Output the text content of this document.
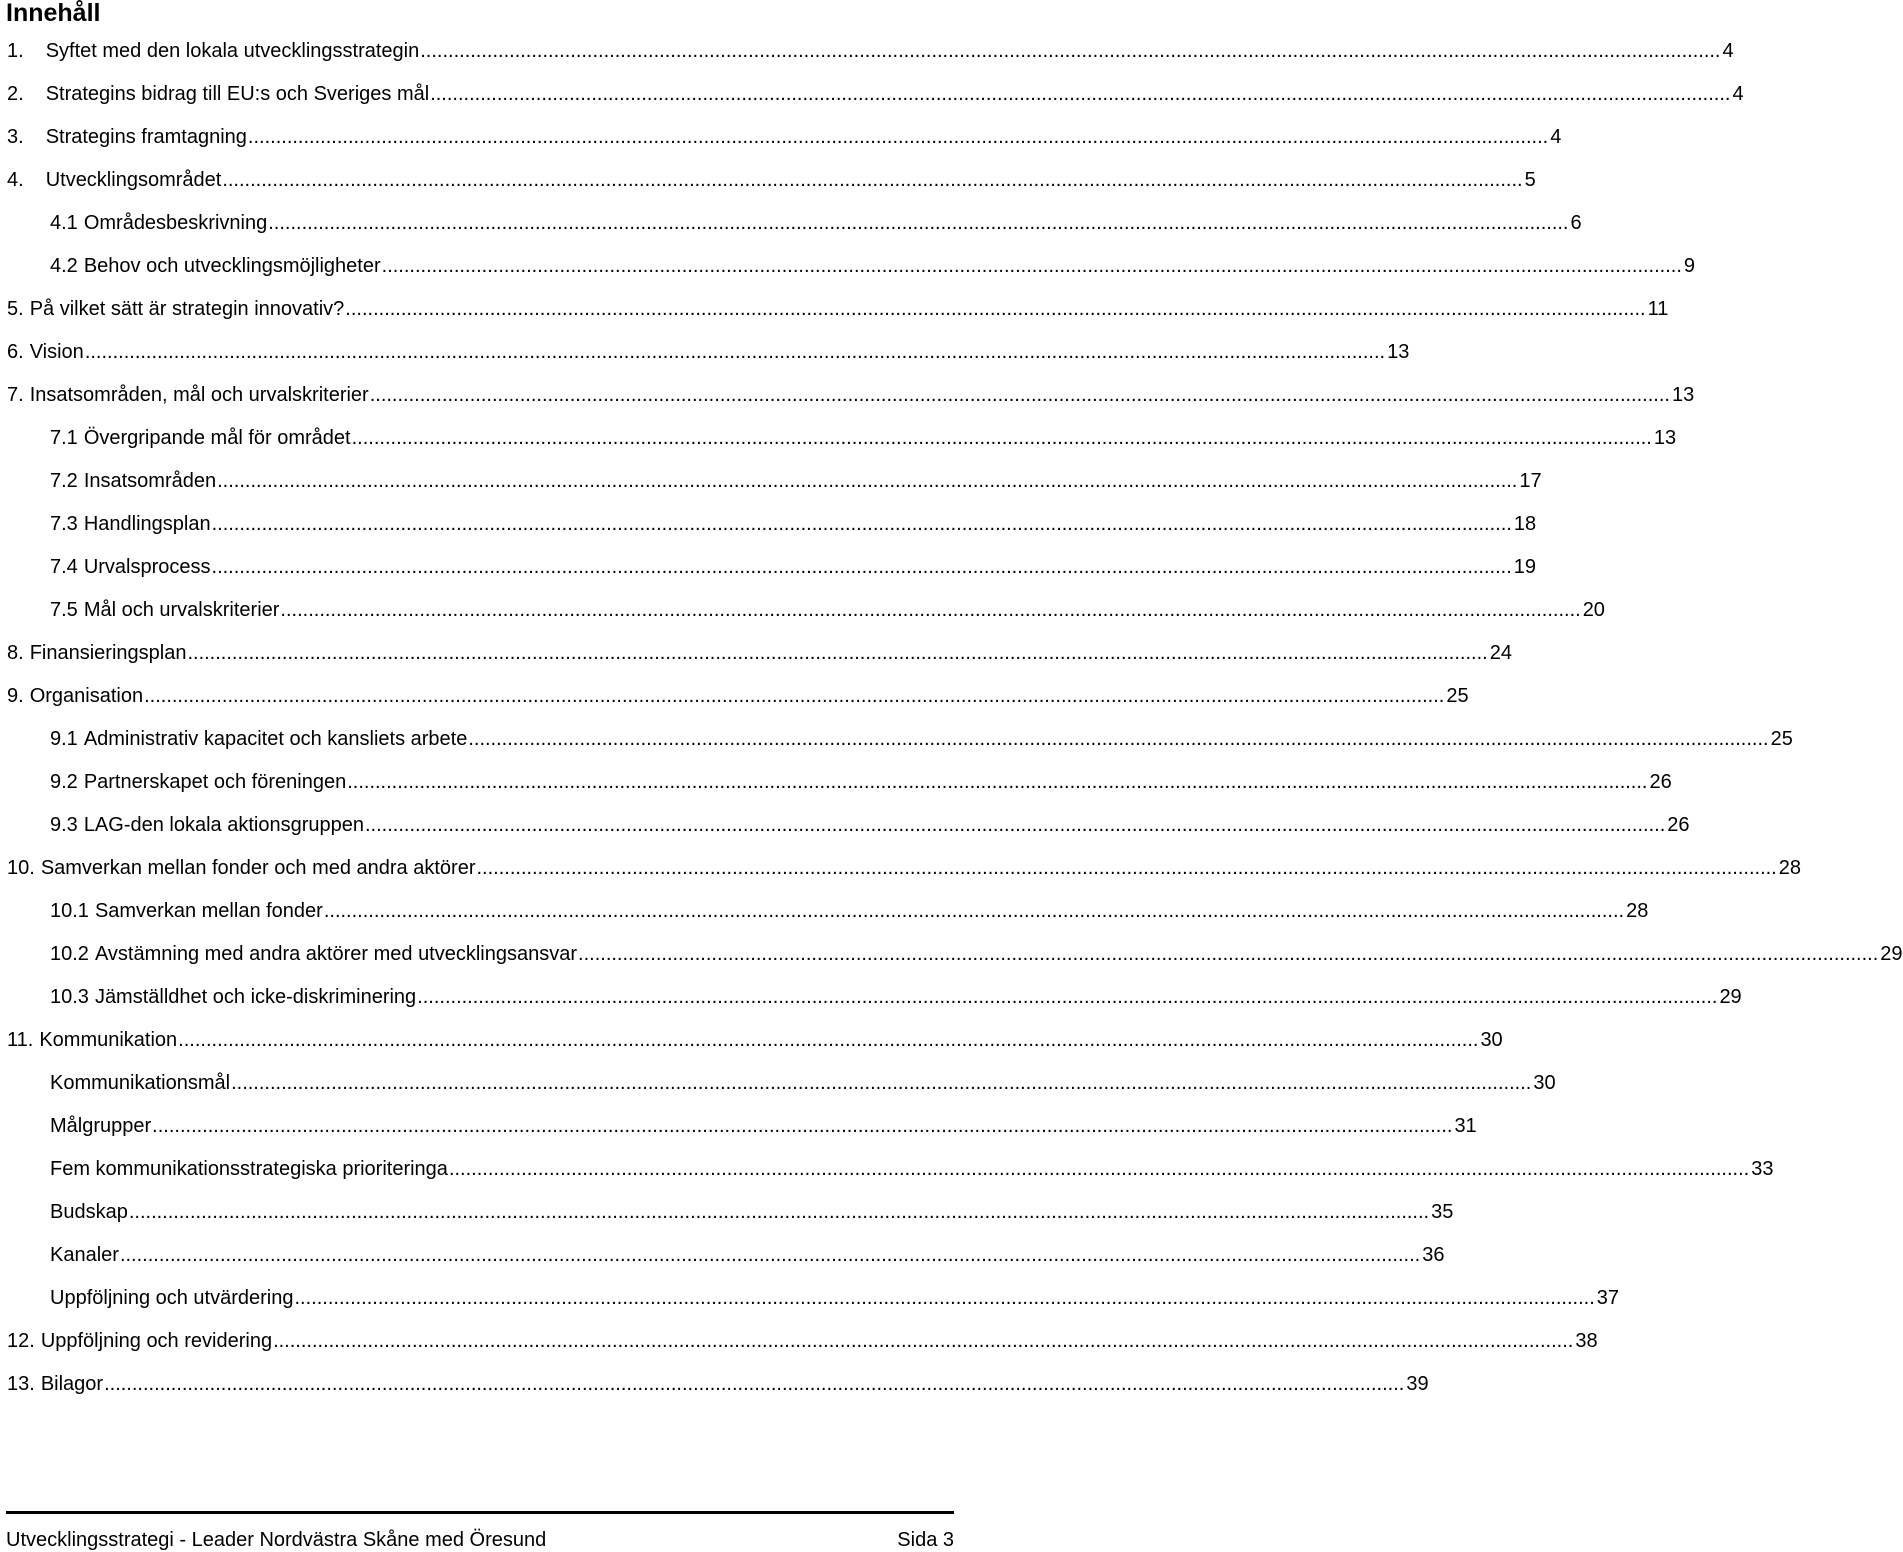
Innehåll
1. Syftet med den lokala utvecklingsstrategin .......................................................................................................................................................................................................................................... 4
2. Strategins bidrag till EU:s och Sveriges mål .......................................................................................................................................................................................................................................... 4
3. Strategins framtagning .......................................................................................................................................................................................................................................... 4
4. Utvecklingsområdet .......................................................................................................................................................................................................................................... 5
4.1 Områdesbeskrivning .......................................................................................................................................................................................................................................... 6
4.2 Behov och utvecklingsmöjligheter .......................................................................................................................................................................................................................................... 9
5. På vilket sätt är strategin innovativ? .......................................................................................................................................................................................................................................... 11
6. Vision .......................................................................................................................................................................................................................................... 13
7. Insatsområden, mål och urvalskriterier .......................................................................................................................................................................................................................................... 13
7.1 Övergripande mål för området .......................................................................................................................................................................................................................................... 13
7.2 Insatsområden .......................................................................................................................................................................................................................................... 17
7.3 Handlingsplan .......................................................................................................................................................................................................................................... 18
7.4 Urvalsprocess .......................................................................................................................................................................................................................................... 19
7.5 Mål och urvalskriterier .......................................................................................................................................................................................................................................... 20
8. Finansieringsplan .......................................................................................................................................................................................................................................... 24
9. Organisation .......................................................................................................................................................................................................................................... 25
9.1 Administrativ kapacitet och kansliets arbete .......................................................................................................................................................................................................................................... 25
9.2 Partnerskapet och föreningen .......................................................................................................................................................................................................................................... 26
9.3 LAG-den lokala aktionsgruppen .......................................................................................................................................................................................................................................... 26
10. Samverkan mellan fonder och med andra aktörer .......................................................................................................................................................................................................................................... 28
10.1 Samverkan mellan fonder .......................................................................................................................................................................................................................................... 28
10.2 Avstämning med andra aktörer med utvecklingsansvar .......................................................................................................................................................................................................................................... 29
10.3 Jämställdhet och icke-diskriminering .......................................................................................................................................................................................................................................... 29
11. Kommunikation .......................................................................................................................................................................................................................................... 30
Kommunikationsmål .......................................................................................................................................................................................................................................... 30
Målgrupper .......................................................................................................................................................................................................................................... 31
Fem kommunikationsstrategiska prioriteringa .......................................................................................................................................................................................................................................... 33
Budskap .......................................................................................................................................................................................................................................... 35
Kanaler .......................................................................................................................................................................................................................................... 36
Uppföljning och utvärdering .......................................................................................................................................................................................................................................... 37
12. Uppföljning och revidering .......................................................................................................................................................................................................................................... 38
13. Bilagor .......................................................................................................................................................................................................................................... 39
Utvecklingsstrategi - Leader Nordvästra Skåne med Öresund	Sida 3
